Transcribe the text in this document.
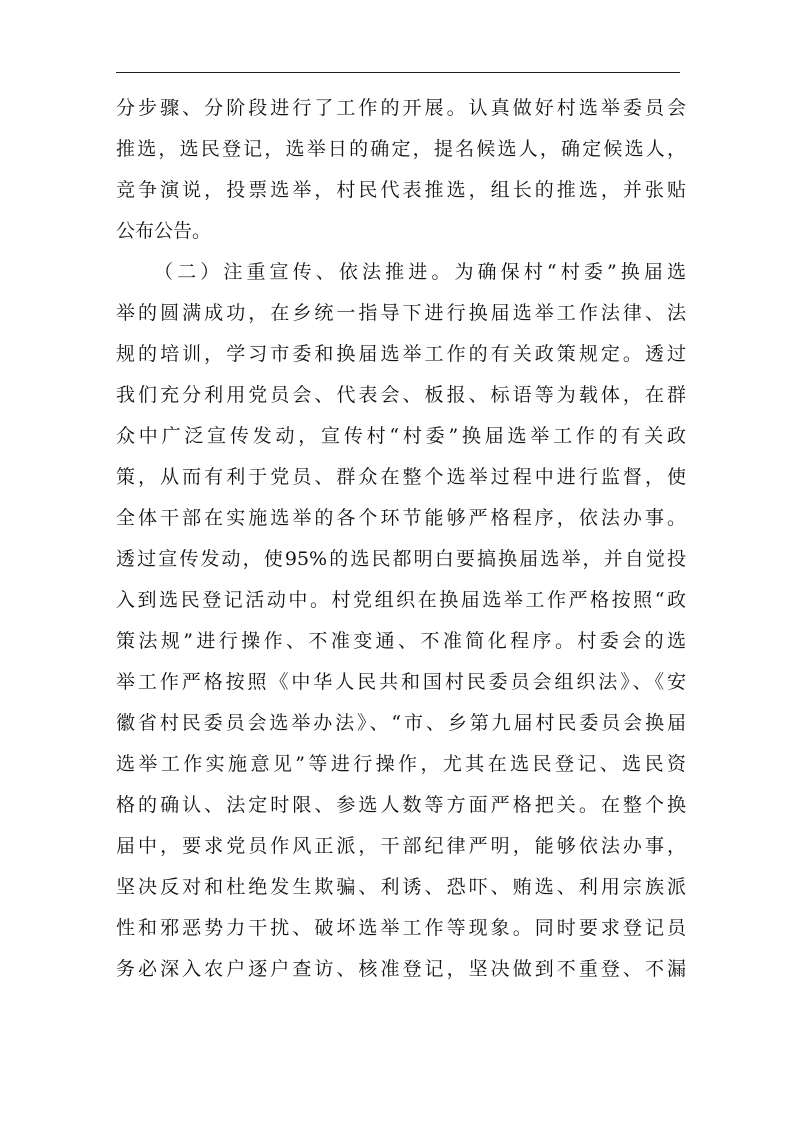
分步骤、分阶段进行了工作的开展。认真做好村选举委员会
推选，选民登记，选举日的确定，提名候选人，确定候选人，
竞争演说，投票选举，村民代表推选，组长的推选，并张贴
公布公告。
（二）注重宣传、依法推进。为确保村“村委”换届选
举的圆满成功，在乡统一指导下进行换届选举工作法律、法
规的培训，学习市委和换届选举工作的有关政策规定。透过
我们充分利用党员会、代表会、板报、标语等为载体，在群
众中广泛宣传发动，宣传村“村委”换届选举工作的有关政
策，从而有利于党员、群众在整个选举过程中进行监督，使
全体干部在实施选举的各个环节能够严格程序，依法办事。
透过宣传发动，使95%的选民都明白要搞换届选举，并自觉投
入到选民登记活动中。村党组织在换届选举工作严格按照“政
策法规”进行操作、不准变通、不准简化程序。村委会的选
举工作严格按照《中华人民共和国村民委员会组织法》、《安
徽省村民委员会选举办法》、“市、乡第九届村民委员会换届
选举工作实施意见”等进行操作，尤其在选民登记、选民资
格的确认、法定时限、参选人数等方面严格把关。在整个换
届中，要求党员作风正派，干部纪律严明，能够依法办事，
坚决反对和杜绝发生欺骗、利诱、恐吓、贿选、利用宗族派
性和邪恶势力干扰、破坏选举工作等现象。同时要求登记员
务必深入农户逐户查访、核准登记，坚决做到不重登、不漏
